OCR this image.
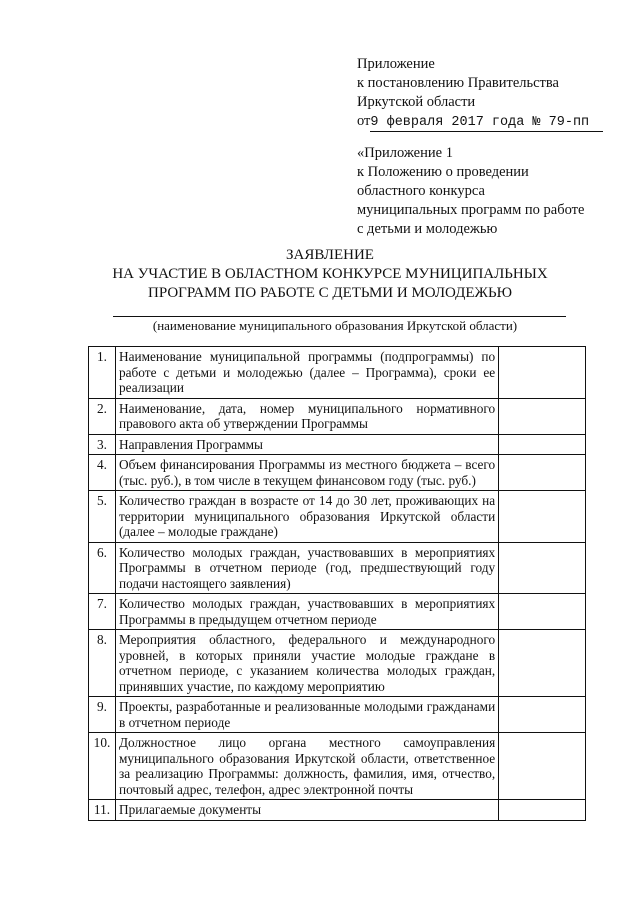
Приложение
к постановлению Правительства
Иркутской области
от9 февраля 2017 года № 79-пп
«Приложение 1
к Положению о проведении
областного конкурса
муниципальных программ по работе
с детьми и молодежью
ЗАЯВЛЕНИЕ
НА УЧАСТИЕ В ОБЛАСТНОМ КОНКУРСЕ МУНИЦИПАЛЬНЫХ
ПРОГРАММ ПО РАБОТЕ С ДЕТЬМИ И МОЛОДЕЖЬЮ
(наименование муниципального образования Иркутской области)
1.	Наименование муниципальной программы (подпрограммы) по работе с детьми и молодежью (далее – Программа), сроки ее реализации	
2.	Наименование, дата, номер муниципального нормативного правового акта об утверждении Программы	
3.	Направления Программы	
4.	Объем финансирования Программы из местного бюджета – всего (тыс. руб.), в том числе в текущем финансовом году (тыс. руб.)	
5.	Количество граждан в возрасте от 14 до 30 лет, проживающих на территории муниципального образования Иркутской области (далее – молодые граждане)	
6.	Количество молодых граждан, участвовавших в мероприятиях Программы в отчетном периоде (год, предшествующий году подачи настоящего заявления)	
7.	Количество молодых граждан, участвовавших в мероприятиях Программы в предыдущем отчетном периоде	
8.	Мероприятия областного, федерального и международного уровней, в которых приняли участие молодые граждане в отчетном периоде, с указанием количества молодых граждан, принявших участие, по каждому мероприятию	
9.	Проекты, разработанные и реализованные молодыми гражданами в отчетном периоде	
10.	Должностное лицо органа местного самоуправления муниципального образования Иркутской области, ответственное за реализацию Программы: должность, фамилия, имя, отчество, почтовый адрес, телефон, адрес электронной почты	
11.	Прилагаемые документы	
